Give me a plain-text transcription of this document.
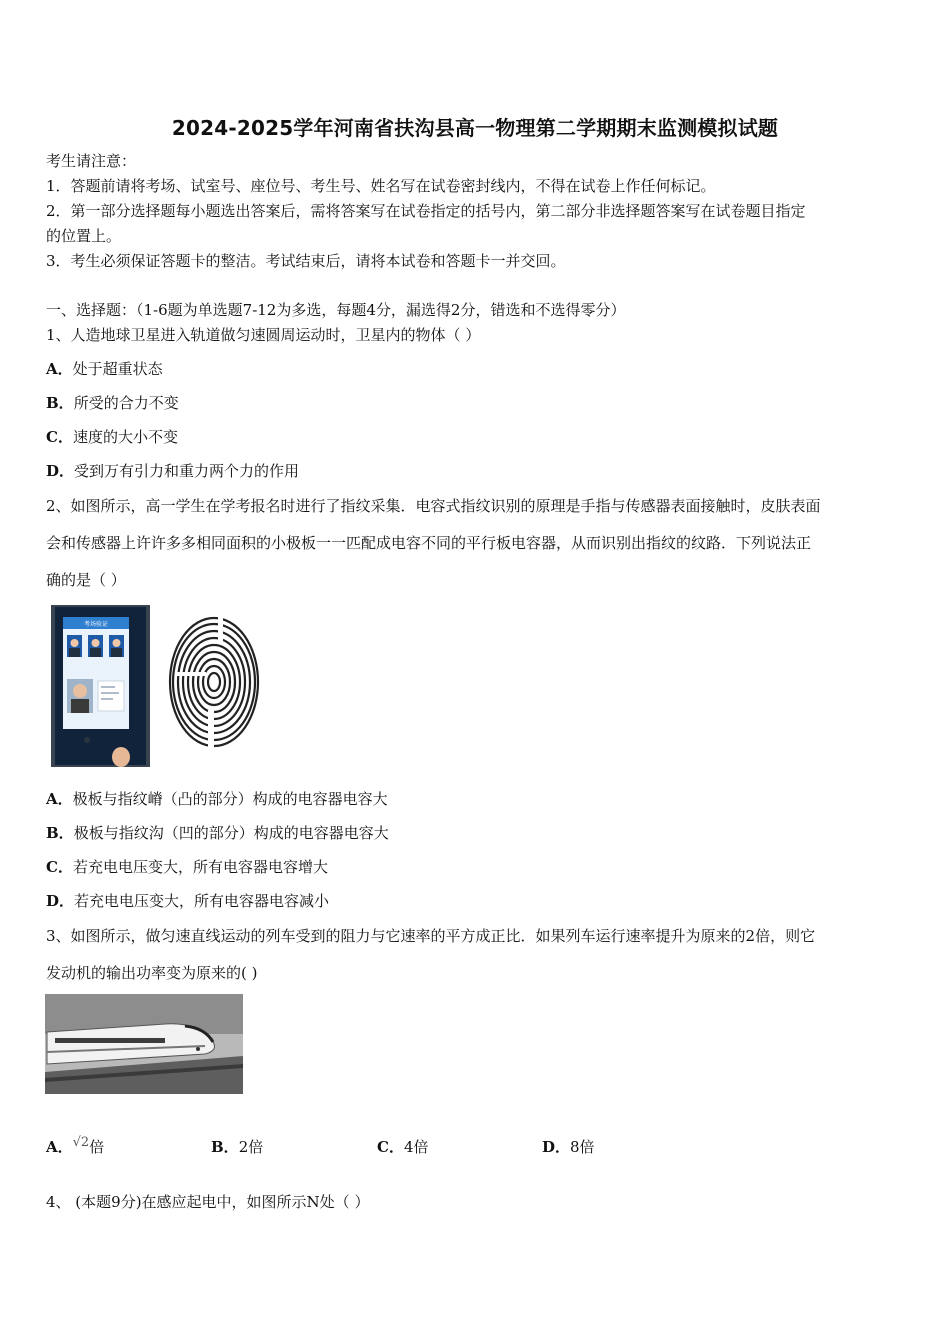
2024-2025学年河南省扶沟县高一物理第二学期期末监测模拟试题
考生请注意：
1．答题前请将考场、试室号、座位号、考生号、姓名写在试卷密封线内，不得在试卷上作任何标记。
2．第一部分选择题每小题选出答案后，需将答案写在试卷指定的括号内，第二部分非选择题答案写在试卷题目指定
的位置上。
3．考生必须保证答题卡的整洁。考试结束后，请将本试卷和答题卡一并交回。
一、选择题：（1-6题为单选题7-12为多选，每题4分，漏选得2分，错选和不选得零分）
1、人造地球卫星进入轨道做匀速圆周运动时，卫星内的物体（ ）
A．处于超重状态
B．所受的合力不变
C．速度的大小不变
D．受到万有引力和重力两个力的作用
2、如图所示，高一学生在学考报名时进行了指纹采集．电容式指纹识别的原理是手指与传感器表面接触时，皮肤表面
会和传感器上许许多多相同面积的小极板一一匹配成电容不同的平行板电容器，从而识别出指纹的纹路．下列说法正
确的是（ ）
考场验证
A．极板与指纹嵴（凸的部分）构成的电容器电容大
B．极板与指纹沟（凹的部分）构成的电容器电容大
C．若充电电压变大，所有电容器电容增大
D．若充电电压变大，所有电容器电容减小
3、如图所示，做匀速直线运动的列车受到的阻力与它速率的平方成正比．如果列车运行速率提升为原来的2倍，则它
发动机的输出功率变为原来的( )
A．√2倍	B．2倍	C．4倍	D．8倍
4、 (本题9分)在感应起电中，如图所示N处（ ）
